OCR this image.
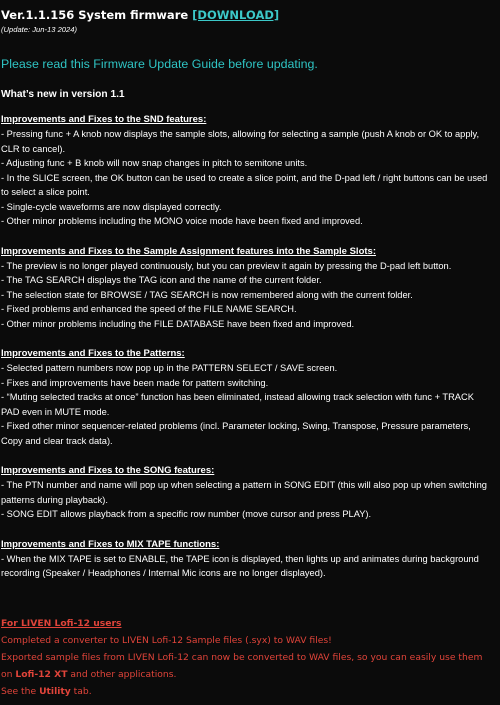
Ver.1.1.156 System firmware [DOWNLOAD]
(Update: Jun-13 2024)
Please read this Firmware Update Guide before updating.
What’s new in version 1.1

Improvements and Fixes to the SND features:

- Pressing func + A knob now displays the sample slots, allowing for selecting a sample (push A knob or OK to apply, CLR to cancel).

- Adjusting func + B knob will now snap changes in pitch to semitone units.

- In the SLICE screen, the OK button can be used to create a slice point, and the D-pad left / right buttons can be used to select a slice point.

- Single-cycle waveforms are now displayed correctly.

- Other minor problems including the MONO voice mode have been fixed and improved.

Improvements and Fixes to the Sample Assignment features into the Sample Slots:

- The preview is no longer played continuously, but you can preview it again by pressing the D-pad left button.

- The TAG SEARCH displays the TAG icon and the name of the current folder.

- The selection state for BROWSE / TAG SEARCH is now remembered along with the current folder.

- Fixed problems and enhanced the speed of the FILE NAME SEARCH.

- Other minor problems including the FILE DATABASE have been fixed and improved.

Improvements and Fixes to the Patterns:

- Selected pattern numbers now pop up in the PATTERN SELECT / SAVE screen.

- Fixes and improvements have been made for pattern switching.

- “Muting selected tracks at once” function has been eliminated, instead allowing track selection with func + TRACK PAD even in MUTE mode.

- Fixed other minor sequencer-related problems (incl. Parameter locking, Swing, Transpose, Pressure parameters, Copy and clear track data).

Improvements and Fixes to the SONG features:

- The PTN number and name will pop up when selecting a pattern in SONG EDIT (this will also pop up when switching patterns during playback).

- SONG EDIT allows playback from a specific row number (move cursor and press PLAY).

Improvements and Fixes to MIX TAPE functions:

- When the MIX TAPE is set to ENABLE, the TAPE icon is displayed, then lights up and animates during background recording (Speaker / Headphones / Internal Mic icons are no longer displayed).

For LIVEN Lofi-12 users

Completed a converter to LIVEN Lofi-12 Sample files (.syx) to WAV files!

Exported sample files from LIVEN Lofi-12 can now be converted to WAV files, so you can easily use them on Lofi-12 XT and other applications.

See the Utility tab.
